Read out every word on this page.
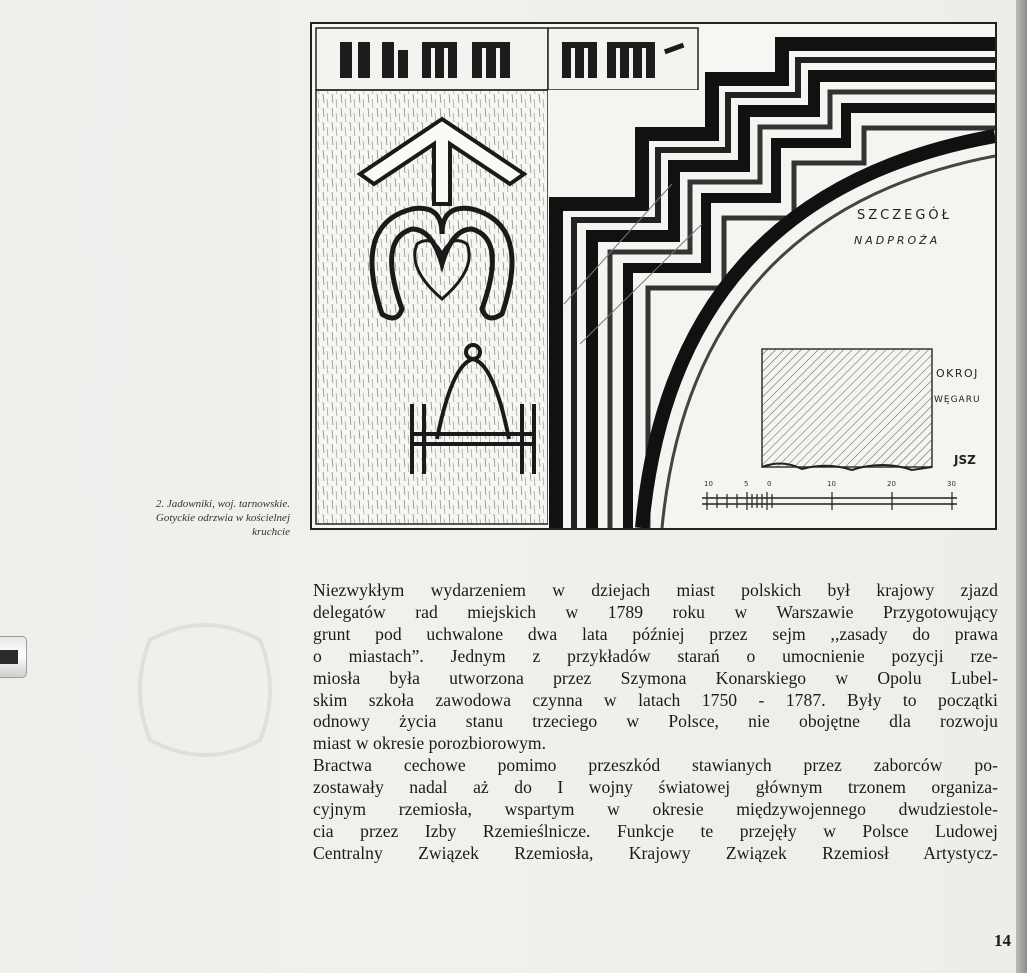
SZCZEGÓŁ
NADPROŻA
OKROJ
WĘGARU
JSZ
10	5	0	10	20	30
2. Jadowniki, woj. tarnowskie.
Gotyckie odrzwia w kościelnej
kruchcie
Niezwykłym wydarzeniem w dziejach miast polskich był krajowy zjazd
delegatów rad miejskich w 1789 roku w Warszawie Przygotowujący
grunt pod uchwalone dwa lata później przez sejm ,,zasady do prawa
o miastach”. Jednym z przykładów starań o umocnienie pozycji rze-
miosła była utworzona przez Szymona Konarskiego w Opolu Lubel-
skim szkoła zawodowa czynna w latach 1750 - 1787. Były to początki
odnowy życia stanu trzeciego w Polsce, nie obojętne dla rozwoju
miast w okresie porozbiorowym.
Bractwa cechowe pomimo przeszkód stawianych przez zaborców po-
zostawały nadal aż do I wojny światowej głównym trzonem organiza-
cyjnym rzemiosła, wspartym w okresie międzywojennego dwudziestole-
cia przez Izby Rzemieślnicze. Funkcje te przejęły w Polsce Ludowej
Centralny Związek Rzemiosła, Krajowy Związek Rzemiosł Artystycz-
14
